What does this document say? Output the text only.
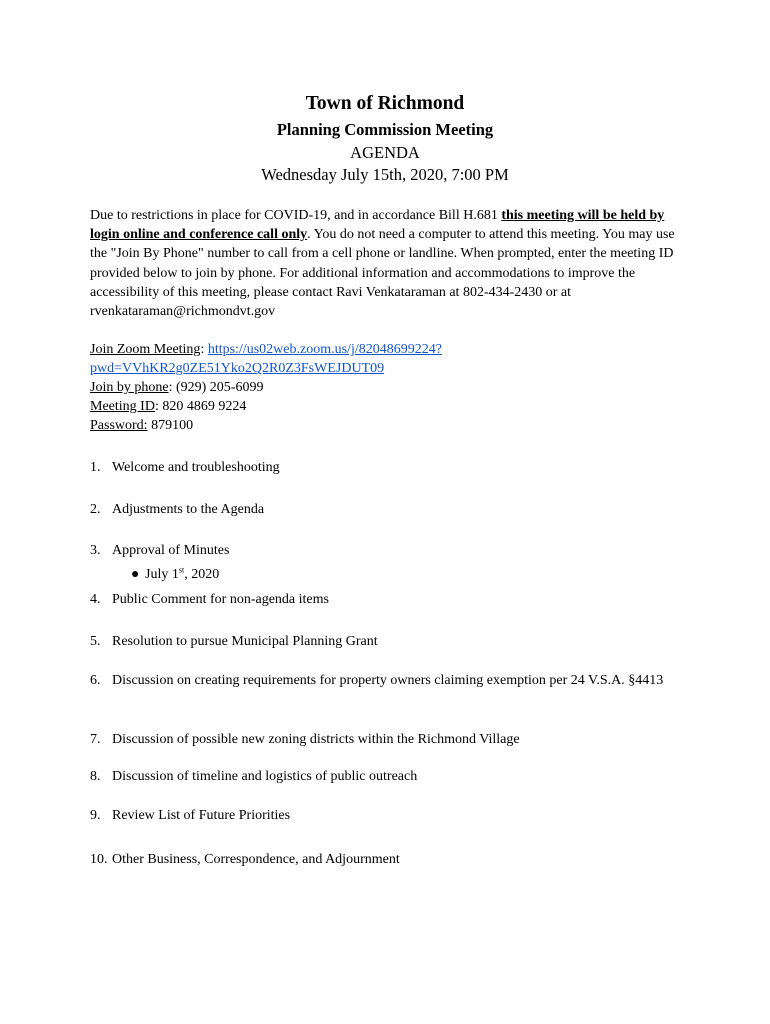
Town of Richmond
Planning Commission Meeting
AGENDA
Wednesday July 15th, 2020, 7:00 PM
Due to restrictions in place for COVID-19, and in accordance Bill H.681 this meeting will be held by login online and conference call only. You do not need a computer to attend this meeting. You may use the "Join By Phone" number to call from a cell phone or landline. When prompted, enter the meeting ID provided below to join by phone. For additional information and accommodations to improve the accessibility of this meeting, please contact Ravi Venkataraman at 802-434-2430 or at rvenkataraman@richmondvt.gov
Join Zoom Meeting: https://us02web.zoom.us/j/82048699224?
pwd=VVhKR2g0ZE51Yko2Q2R0Z3FsWEJDUT09
Join by phone: (929) 205-6099
Meeting ID: 820 4869 9224
Password: 879100
1. Welcome and troubleshooting
2. Adjustments to the Agenda
3. Approval of Minutes
● July 1st, 2020
4. Public Comment for non-agenda items
5. Resolution to pursue Municipal Planning Grant
6. Discussion on creating requirements for property owners claiming exemption per 24 V.S.A. §4413
7. Discussion of possible new zoning districts within the Richmond Village
8. Discussion of timeline and logistics of public outreach
9. Review List of Future Priorities
10. Other Business, Correspondence, and Adjournment
